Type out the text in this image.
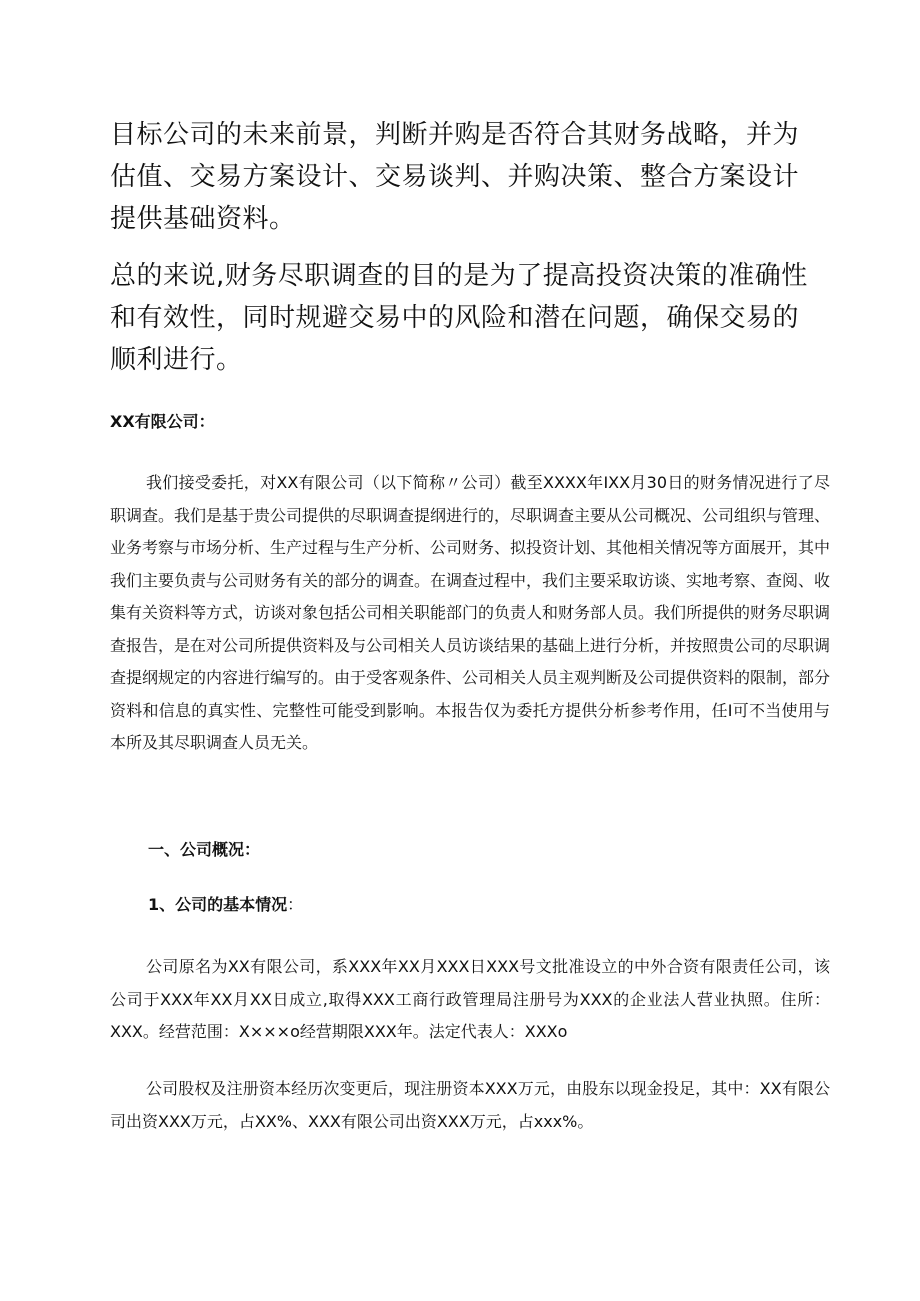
目标公司的未来前景，判断并购是否符合其财务战略，并为估值、交易方案设计、交易谈判、并购决策、整合方案设计提供基础资料。

总的来说,财务尽职调查的目的是为了提高投资决策的准确性和有效性，同时规避交易中的风险和潜在问题，确保交易的顺利进行。

XX有限公司：

我们接受委托，对XX有限公司（以下简称〃公司）截至XXXX年IXX月30日的财务情况进行了尽职调查。我们是基于贵公司提供的尽职调查提纲进行的，尽职调查主要从公司概况、公司组织与管理、业务考察与市场分析、生产过程与生产分析、公司财务、拟投资计划、其他相关情况等方面展开，其中我们主要负责与公司财务有关的部分的调查。在调查过程中，我们主要采取访谈、实地考察、查阅、收集有关资料等方式，访谈对象包括公司相关职能部门的负责人和财务部人员。我们所提供的财务尽职调查报告，是在对公司所提供资料及与公司相关人员访谈结果的基础上进行分析，并按照贵公司的尽职调查提纲规定的内容进行编写的。由于受客观条件、公司相关人员主观判断及公司提供资料的限制，部分资料和信息的真实性、完整性可能受到影响。本报告仅为委托方提供分析参考作用，任I可不当使用与本所及其尽职调查人员无关。

一、公司概况：

1、公司的基本情况：

公司原名为XX有限公司，系XXX年XX月XXX日XXX号文批准设立的中外合资有限责任公司，该公司于XXX年XX月XX日成立,取得XXX工商行政管理局注册号为XXX的企业法人营业执照。住所：XXX。经营范围：X×××o经营期限XXX年。法定代表人：XXXo

公司股权及注册资本经历次变更后，现注册资本XXX万元，由股东以现金投足，其中：XX有限公司出资XXX万元，占XX%、XXX有限公司出资XXX万元，占xxx%。
